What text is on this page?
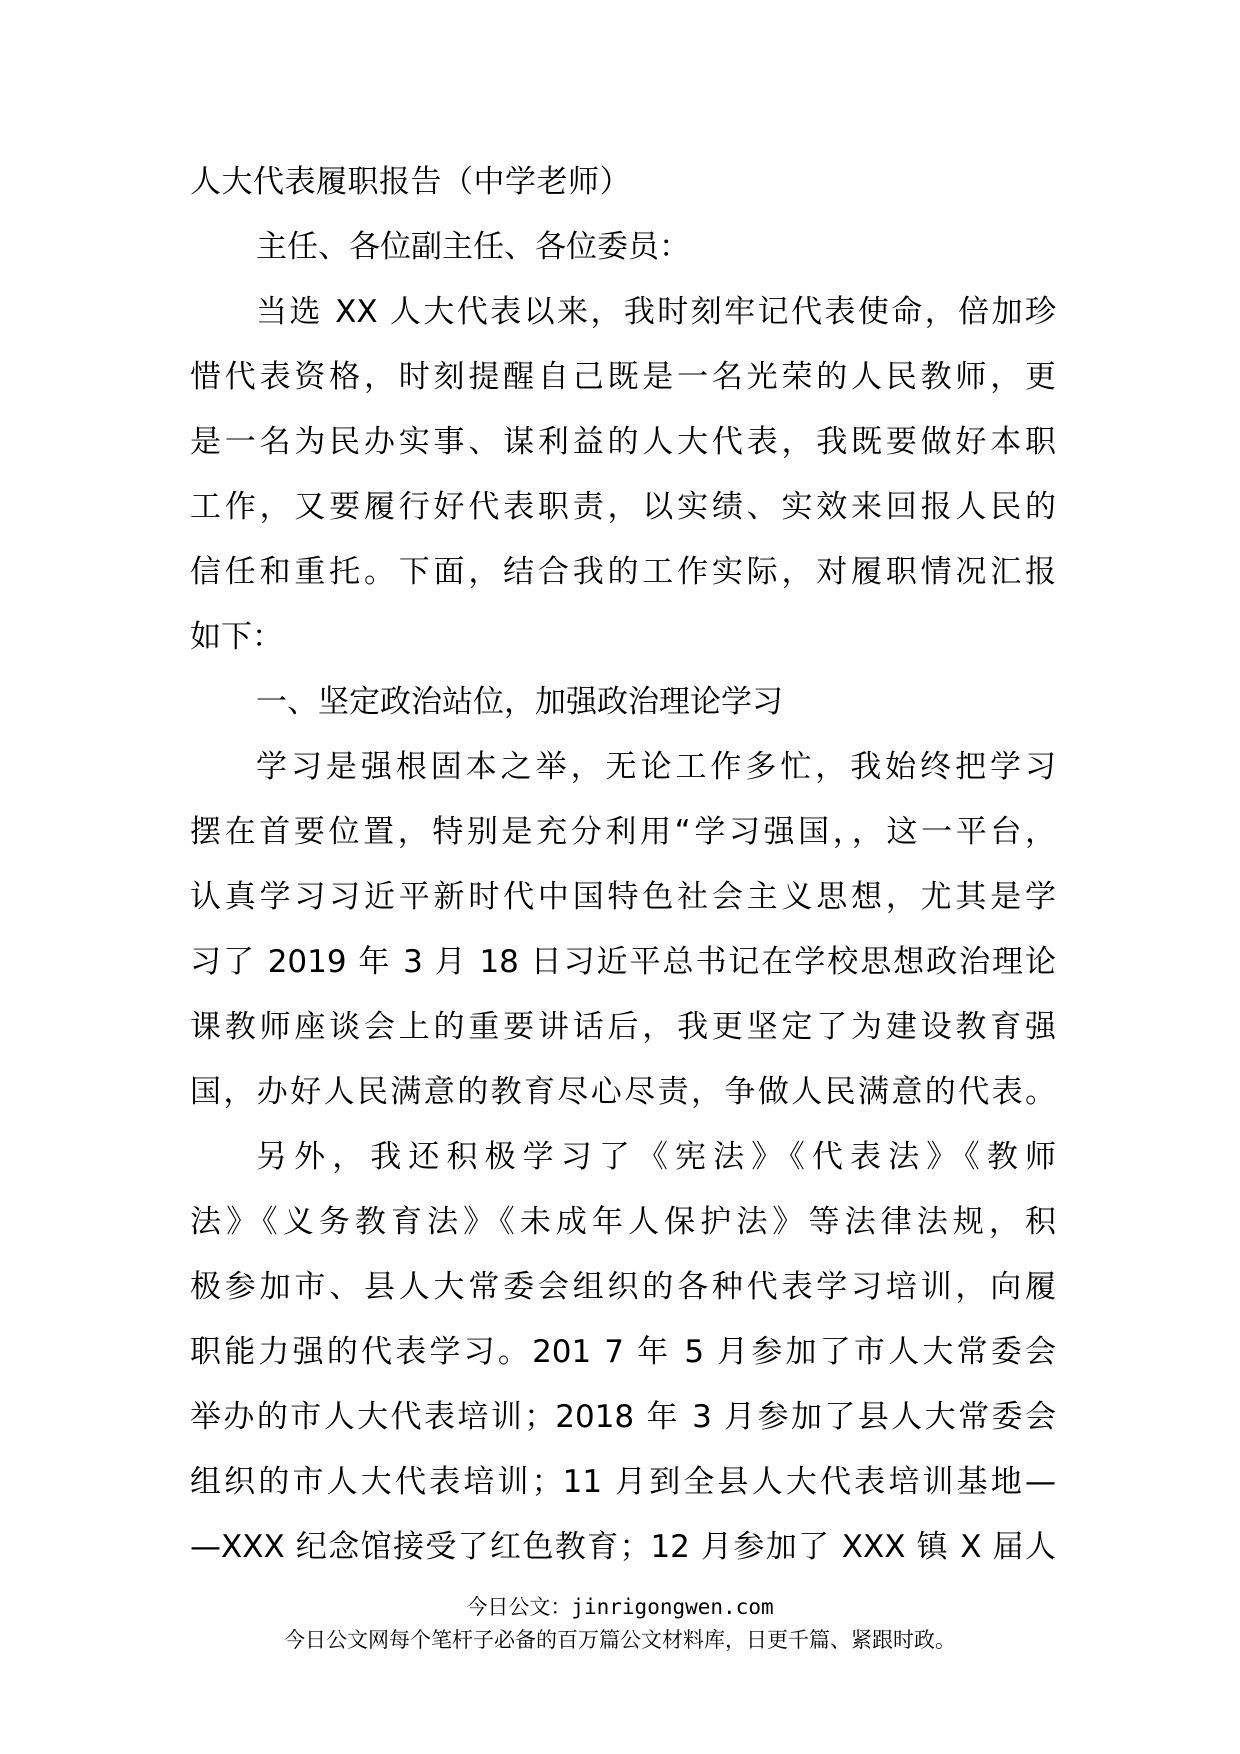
人大代表履职报告（中学老师）
主任、各位副主任、各位委员：
当选 XX 人大代表以来，我时刻牢记代表使命，倍加珍
惜代表资格，时刻提醒自己既是一名光荣的人民教师，更
是一名为民办实事、谋利益的人大代表，我既要做好本职
工作，又要履行好代表职责，以实绩、实效来回报人民的
信任和重托。下面，结合我的工作实际，对履职情况汇报
如下：
一、坚定政治站位，加强政治理论学习
学习是强根固本之举，无论工作多忙，我始终把学习
摆在首要位置，特别是充分利用“学习强国，，这一平台，
认真学习习近平新时代中国特色社会主义思想，尤其是学
习了 2019 年 3 月 18 日习近平总书记在学校思想政治理论
课教师座谈会上的重要讲话后，我更坚定了为建设教育强
国，办好人民满意的教育尽心尽责，争做人民满意的代表。
另外，我还积极学习了《宪法》《代表法》《教师
法》《义务教育法》《未成年人保护法》等法律法规，积
极参加市、县人大常委会组织的各种代表学习培训，向履
职能力强的代表学习。201 7 年 5 月参加了市人大常委会
举办的市人大代表培训；2018 年 3 月参加了县人大常委会
组织的市人大代表培训；11 月到全县人大代表培训基地—
—XXX 纪念馆接受了红色教育；12 月参加了 XXX 镇 X 届人
今日公文：jinrigongwen.com
今日公文网每个笔杆子必备的百万篇公文材料库，日更千篇、紧跟时政。
